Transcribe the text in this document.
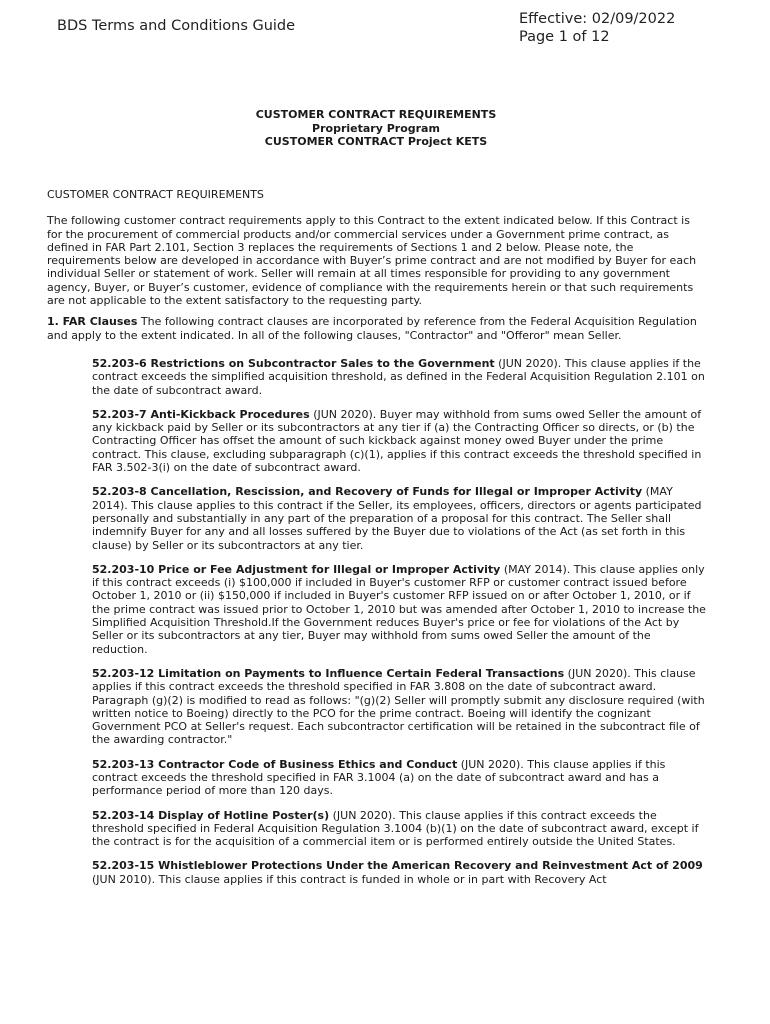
BDS Terms and Conditions Guide	Effective: 02/09/2022
Page 1 of 12
CUSTOMER CONTRACT REQUIREMENTS
Proprietary Program
CUSTOMER CONTRACT Project KETS

CUSTOMER CONTRACT REQUIREMENTS

The following customer contract requirements apply to this Contract to the extent indicated below. If this Contract is for the procurement of commercial products and/or commercial services under a Government prime contract, as defined in FAR Part 2.101, Section 3 replaces the requirements of Sections 1 and 2 below. Please note, the requirements below are developed in accordance with Buyer’s prime contract and are not modified by Buyer for each individual Seller or statement of work. Seller will remain at all times responsible for providing to any government agency, Buyer, or Buyer’s customer, evidence of compliance with the requirements herein or that such requirements are not applicable to the extent satisfactory to the requesting party.

1. FAR Clauses The following contract clauses are incorporated by reference from the Federal Acquisition Regulation and apply to the extent indicated. In all of the following clauses, "Contractor" and "Offeror" mean Seller.

52.203-6 Restrictions on Subcontractor Sales to the Government (JUN 2020). This clause applies if the contract exceeds the simplified acquisition threshold, as defined in the Federal Acquisition Regulation 2.101 on the date of subcontract award.

52.203-7 Anti-Kickback Procedures (JUN 2020). Buyer may withhold from sums owed Seller the amount of any kickback paid by Seller or its subcontractors at any tier if (a) the Contracting Officer so directs, or (b) the Contracting Officer has offset the amount of such kickback against money owed Buyer under the prime contract. This clause, excluding subparagraph (c)(1), applies if this contract exceeds the threshold specified in FAR 3.502-3(i) on the date of subcontract award.

52.203-8 Cancellation, Rescission, and Recovery of Funds for Illegal or Improper Activity (MAY 2014). This clause applies to this contract if the Seller, its employees, officers, directors or agents participated personally and substantially in any part of the preparation of a proposal for this contract. The Seller shall indemnify Buyer for any and all losses suffered by the Buyer due to violations of the Act (as set forth in this clause) by Seller or its subcontractors at any tier.

52.203-10 Price or Fee Adjustment for Illegal or Improper Activity (MAY 2014). This clause applies only if this contract exceeds (i) $100,000 if included in Buyer's customer RFP or customer contract issued before October 1, 2010 or (ii) $150,000 if included in Buyer's customer RFP issued on or after October 1, 2010, or if the prime contract was issued prior to October 1, 2010 but was amended after October 1, 2010 to increase the Simplified Acquisition Threshold.If the Government reduces Buyer's price or fee for violations of the Act by Seller or its subcontractors at any tier, Buyer may withhold from sums owed Seller the amount of the reduction.

52.203-12 Limitation on Payments to Influence Certain Federal Transactions (JUN 2020). This clause applies if this contract exceeds the threshold specified in FAR 3.808 on the date of subcontract award. Paragraph (g)(2) is modified to read as follows: "(g)(2) Seller will promptly submit any disclosure required (with written notice to Boeing) directly to the PCO for the prime contract. Boeing will identify the cognizant Government PCO at Seller's request. Each subcontractor certification will be retained in the subcontract file of the awarding contractor."

52.203-13 Contractor Code of Business Ethics and Conduct (JUN 2020). This clause applies if this contract exceeds the threshold specified in FAR 3.1004 (a) on the date of subcontract award and has a performance period of more than 120 days.

52.203-14 Display of Hotline Poster(s) (JUN 2020). This clause applies if this contract exceeds the threshold specified in Federal Acquisition Regulation 3.1004 (b)(1) on the date of subcontract award, except if the contract is for the acquisition of a commercial item or is performed entirely outside the United States.

52.203-15 Whistleblower Protections Under the American Recovery and Reinvestment Act of 2009 (JUN 2010). This clause applies if this contract is funded in whole or in part with Recovery Act
